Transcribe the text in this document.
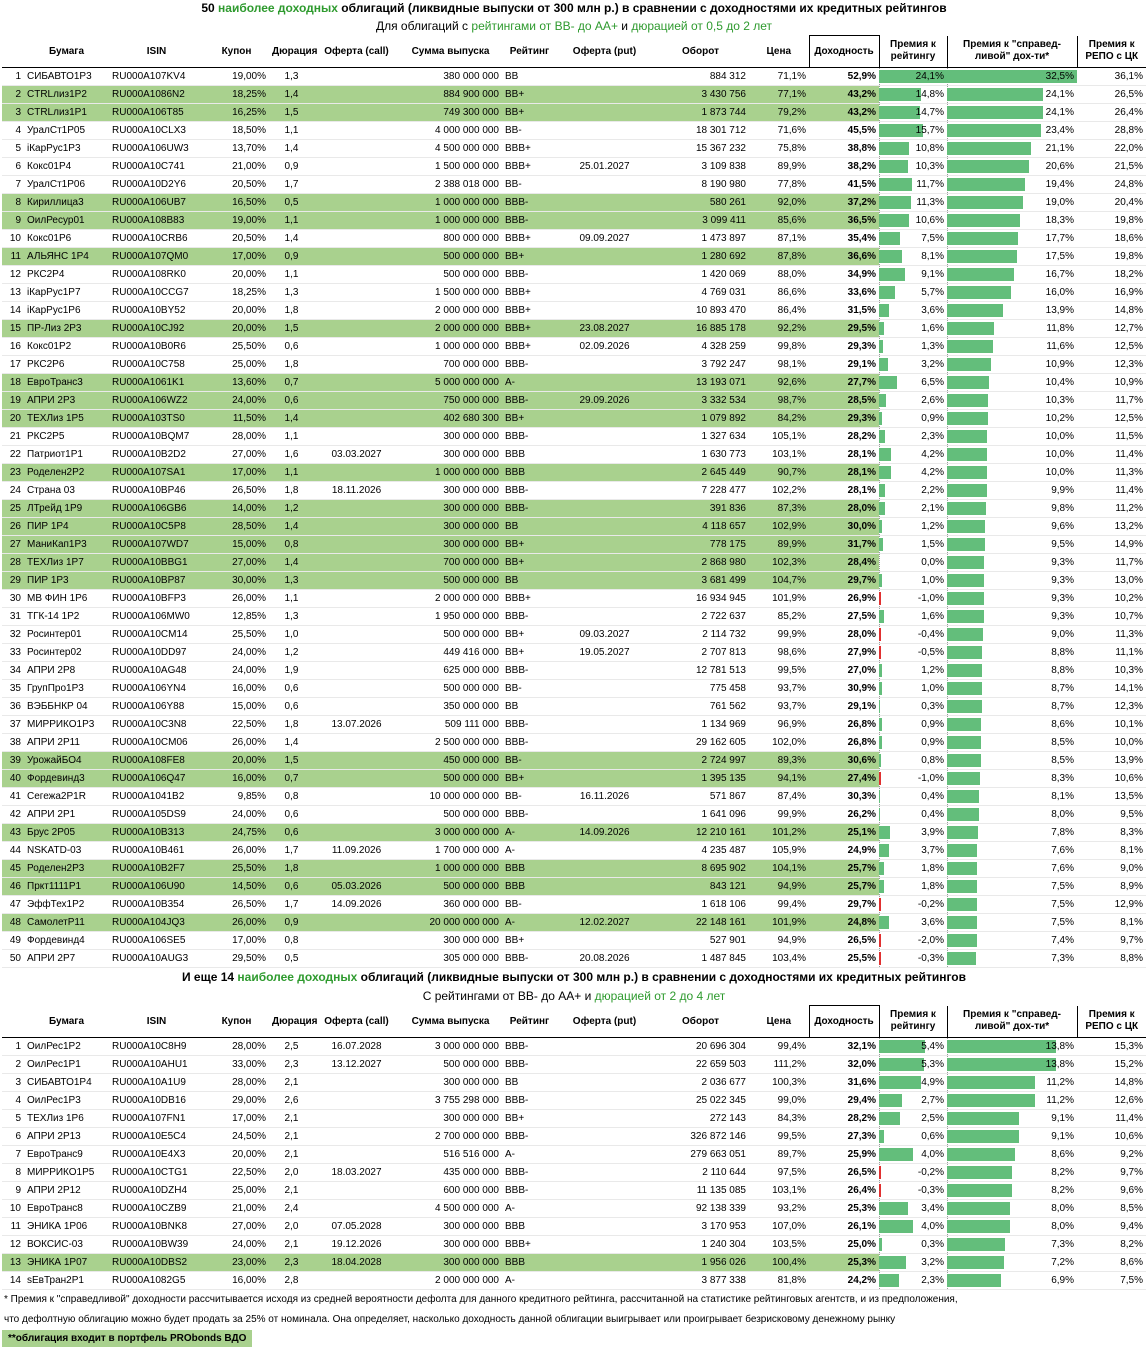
50 наиболее доходных облигаций (ликвидные выпуски от 300 млн р.) в сравнении с доходностями их кредитных рейтингов
Для облигаций с рейтингами от ВВ- до АА+ и дюрацией от 0,5 до 2 лет
	Бумага	ISIN	Купон	Дюрация	Оферта (call)	Сумма выпуска	Рейтинг	Оферта (put)	Оборот	Цена	Доходность	Премия к рейтингу	Премия к "справед-ливой" дох-ти*	Премия к РЕПО с ЦК
1	СИБАВТО1Р3	RU000A107KV4	19,00%	1,3		380 000 000	BB		884 312	71,1%	52,9%	24,1%	32,5%	36,1%
2	CTRLлиз1P2	RU000A1086N2	18,25%	1,4		884 900 000	BB+		3 430 756	77,1%	43,2%	14,8%	24,1%	26,5%
3	CTRLлиз1P1	RU000A106T85	16,25%	1,5		749 300 000	BB+		1 873 744	79,2%	43,2%	14,7%	24,1%	26,4%
4	УралСт1P05	RU000A10CLX3	18,50%	1,1		4 000 000 000	BB-		18 301 712	71,6%	45,5%	15,7%	23,4%	28,8%
5	iКарРус1Р3	RU000A106UW3	13,70%	1,4		4 500 000 000	BBB+		15 367 232	75,8%	38,8%	10,8%	21,1%	22,0%
6	Кокс01Р4	RU000A10C741	21,00%	0,9		1 500 000 000	BBB+	25.01.2027	3 109 838	89,9%	38,2%	10,3%	20,6%	21,5%
7	УралСт1Р06	RU000A10D2Y6	20,50%	1,7		2 388 018 000	BB-		8 190 980	77,8%	41,5%	11,7%	19,4%	24,8%
8	Кириллица3	RU000A106UB7	16,50%	0,5		1 000 000 000	BBB-		580 261	92,0%	37,2%	11,3%	19,0%	20,4%
9	ОилРесур01	RU000A108B83	19,00%	1,1		1 000 000 000	BBB-		3 099 411	85,6%	36,5%	10,6%	18,3%	19,8%
10	Кокс01Р6	RU000A10CRB6	20,50%	1,4		800 000 000	BBB+	09.09.2027	1 473 897	87,1%	35,4%	7,5%	17,7%	18,6%
11	АЛЬЯНС 1Р4	RU000A107QM0	17,00%	0,9		500 000 000	BB+		1 280 692	87,8%	36,6%	8,1%	17,5%	19,8%
12	РКС2Р4	RU000A108RK0	20,00%	1,1		500 000 000	BBB-		1 420 069	88,0%	34,9%	9,1%	16,7%	18,2%
13	iКарРус1Р7	RU000A10CCG7	18,25%	1,3		1 500 000 000	BBB+		4 769 031	86,6%	33,6%	5,7%	16,0%	16,9%
14	iКарРус1Р6	RU000A10BY52	20,00%	1,8		2 000 000 000	BBB+		10 893 470	86,4%	31,5%	3,6%	13,9%	14,8%
15	ПР-Лиз 2Р3	RU000A10CJ92	20,00%	1,5		2 000 000 000	BBB+	23.08.2027	16 885 178	92,2%	29,5%	1,6%	11,8%	12,7%
16	Кокс01Р2	RU000A10B0R6	25,50%	0,6		1 000 000 000	BBB+	02.09.2026	4 328 259	99,8%	29,3%	1,3%	11,6%	12,5%
17	РКС2Р6	RU000A10C758	25,00%	1,8		700 000 000	BBB-		3 792 247	98,1%	29,1%	3,2%	10,9%	12,3%
18	ЕвроТранс3	RU000A1061K1	13,60%	0,7		5 000 000 000	A-		13 193 071	92,6%	27,7%	6,5%	10,4%	10,9%
19	АПРИ 2Р3	RU000A106WZ2	24,00%	0,6		750 000 000	BBB-	29.09.2026	3 332 534	98,7%	28,5%	2,6%	10,3%	11,7%
20	ТЕХЛиз 1Р5	RU000A103TS0	11,50%	1,4		402 680 300	BB+		1 079 892	84,2%	29,3%	0,9%	10,2%	12,5%
21	РКС2Р5	RU000A10BQM7	28,00%	1,1		300 000 000	BBB-		1 327 634	105,1%	28,2%	2,3%	10,0%	11,5%
22	Патриот1Р1	RU000A10B2D2	27,00%	1,6	03.03.2027	300 000 000	BBB		1 630 773	103,1%	28,1%	4,2%	10,0%	11,4%
23	Роделен2Р2	RU000A107SA1	17,00%	1,1		1 000 000 000	BBB		2 645 449	90,7%	28,1%	4,2%	10,0%	11,3%
24	Страна 03	RU000A10BP46	26,50%	1,8	18.11.2026	300 000 000	BBB-		7 228 477	102,2%	28,1%	2,2%	9,9%	11,4%
25	ЛТрейд 1Р9	RU000A106GB6	14,00%	1,2		300 000 000	BBB-		391 836	87,3%	28,0%	2,1%	9,8%	11,2%
26	ПИР 1Р4	RU000A10C5P8	28,50%	1,4		300 000 000	BB		4 118 657	102,9%	30,0%	1,2%	9,6%	13,2%
27	МаниКап1Р3	RU000A107WD7	15,00%	0,8		300 000 000	BB+		778 175	89,9%	31,7%	1,5%	9,5%	14,9%
28	ТЕХЛиз 1Р7	RU000A10BBG1	27,00%	1,4		700 000 000	BB+		2 868 980	102,3%	28,4%	0,0%	9,3%	11,7%
29	ПИР 1Р3	RU000A10BP87	30,00%	1,3		500 000 000	BB		3 681 499	104,7%	29,7%	1,0%	9,3%	13,0%
30	МВ ФИН 1Р6	RU000A10BFP3	26,00%	1,1		2 000 000 000	BBB+		16 934 945	101,9%	26,9%	-1,0%	9,3%	10,2%
31	ТГК-14 1Р2	RU000A106MW0	12,85%	1,3		1 950 000 000	BBB-		2 722 637	85,2%	27,5%	1,6%	9,3%	10,7%
32	Росинтер01	RU000A10CM14	25,50%	1,0		500 000 000	BB+	09.03.2027	2 114 732	99,9%	28,0%	-0,4%	9,0%	11,3%
33	Росинтер02	RU000A10DD97	24,00%	1,2		449 416 000	BB+	19.05.2027	2 707 813	98,6%	27,9%	-0,5%	8,8%	11,1%
34	АПРИ 2Р8	RU000A10AG48	24,00%	1,9		625 000 000	BBB-		12 781 513	99,5%	27,0%	1,2%	8,8%	10,3%
35	ГрупПро1Р3	RU000A106YN4	16,00%	0,6		500 000 000	BB-		775 458	93,7%	30,9%	1,0%	8,7%	14,1%
36	ВЭББНКР 04	RU000A106Y88	15,00%	0,6		350 000 000	BB		761 562	93,7%	29,1%	0,3%	8,7%	12,3%
37	МИРРИКО1Р3	RU000A10C3N8	22,50%	1,8	13.07.2026	509 111 000	BBB-		1 134 969	96,9%	26,8%	0,9%	8,6%	10,1%
38	АПРИ 2Р11	RU000A10CM06	26,00%	1,4		2 500 000 000	BBB-		29 162 605	102,0%	26,8%	0,9%	8,5%	10,0%
39	УрожайБО4	RU000A108FE8	20,00%	1,5		450 000 000	BB-		2 724 997	89,3%	30,6%	0,8%	8,5%	13,9%
40	Фордевинд3	RU000A106Q47	16,00%	0,7		500 000 000	BB+		1 395 135	94,1%	27,4%	-1,0%	8,3%	10,6%
41	Сегежа2Р1R	RU000A1041B2	9,85%	0,8		10 000 000 000	BB-	16.11.2026	571 867	87,4%	30,3%	0,4%	8,1%	13,5%
42	АПРИ 2Р1	RU000A105DS9	24,00%	0,6		500 000 000	BBB-		1 641 096	99,9%	26,2%	0,4%	8,0%	9,5%
43	Брус 2Р05	RU000A10B313	24,75%	0,6		3 000 000 000	A-	14.09.2026	12 210 161	101,2%	25,1%	3,9%	7,8%	8,3%
44	NSKATD-03	RU000A10B461	26,00%	1,7	11.09.2026	1 700 000 000	A-		4 235 487	105,9%	24,9%	3,7%	7,6%	8,1%
45	Роделен2Р3	RU000A10B2F7	25,50%	1,8		1 000 000 000	BBB		8 695 902	104,1%	25,7%	1,8%	7,6%	9,0%
46	Пркт1111Р1	RU000A106U90	14,50%	0,6	05.03.2026	500 000 000	BBB		843 121	94,9%	25,7%	1,8%	7,5%	8,9%
47	ЭффТех1Р2	RU000A10B354	26,50%	1,7	14.09.2026	360 000 000	BB-		1 618 106	99,4%	29,7%	-0,2%	7,5%	12,9%
48	СамолетР11	RU000A104JQ3	26,00%	0,9		20 000 000 000	A-	12.02.2027	22 148 161	101,9%	24,8%	3,6%	7,5%	8,1%
49	Фордевинд4	RU000A106SE5	17,00%	0,8		300 000 000	BB+		527 901	94,9%	26,5%	-2,0%	7,4%	9,7%
50	АПРИ 2Р7	RU000A10AUG3	29,50%	0,5		305 000 000	BBB-	20.08.2026	1 487 845	103,4%	25,5%	-0,3%	7,3%	8,8%
И еще 14 наиболее доходных облигаций (ликвидные выпуски от 300 млн р.) в сравнении с доходностями их кредитных рейтингов
С рейтингами от ВВ- до АА+ и дюрацией от 2 до 4 лет
	Бумага	ISIN	Купон	Дюрация	Оферта (call)	Сумма выпуска	Рейтинг	Оферта (put)	Оборот	Цена	Доходность	Премия к рейтингу	Премия к "справед-ливой" дох-ти*	Премия к РЕПО с ЦК
1	ОилРес1Р2	RU000A10C8H9	28,00%	2,5	16.07.2028	3 000 000 000	BBB-		20 696 304	99,4%	32,1%	5,4%	13,8%	15,3%
2	ОилРес1Р1	RU000A10AHU1	33,00%	2,3	13.12.2027	500 000 000	BBB-		22 659 503	111,2%	32,0%	5,3%	13,8%	15,2%
3	СИБАВТО1Р4	RU000A10A1U9	28,00%	2,1		300 000 000	BB		2 036 677	100,3%	31,6%	4,9%	11,2%	14,8%
4	ОилРес1Р3	RU000A10DB16	29,00%	2,6		3 755 298 000	BBB-		25 022 345	99,0%	29,4%	2,7%	11,2%	12,6%
5	ТЕХЛиз 1Р6	RU000A107FN1	17,00%	2,1		300 000 000	BB+		272 143	84,3%	28,2%	2,5%	9,1%	11,4%
6	АПРИ 2Р13	RU000A10E5C4	24,50%	2,1		2 700 000 000	BBB-		326 872 146	99,5%	27,3%	0,6%	9,1%	10,6%
7	ЕвроТранс9	RU000A10E4X3	20,00%	2,1		516 516 000	A-		279 663 051	89,7%	25,9%	4,0%	8,6%	9,2%
8	МИРРИКО1Р5	RU000A10CTG1	22,50%	2,0	18.03.2027	435 000 000	BBB-		2 110 644	97,5%	26,5%	-0,2%	8,2%	9,7%
9	АПРИ 2Р12	RU000A10DZH4	25,00%	2,1		600 000 000	BBB-		11 135 085	103,1%	26,4%	-0,3%	8,2%	9,6%
10	ЕвроТранс8	RU000A10CZB9	21,00%	2,4		4 500 000 000	A-		92 138 339	93,2%	25,3%	3,4%	8,0%	8,5%
11	ЭНИКА 1Р06	RU000A10BNK8	27,00%	2,0	07.05.2028	300 000 000	BBB		3 170 953	107,0%	26,1%	4,0%	8,0%	9,4%
12	ВОКСИС-03	RU000A10BW39	24,00%	2,1	19.12.2026	300 000 000	BBB+		1 240 304	103,5%	25,0%	0,3%	7,3%	8,2%
13	ЭНИКА 1Р07	RU000A10DBS2	23,00%	2,3	18.04.2028	300 000 000	BBB		1 956 026	100,4%	25,3%	3,2%	7,2%	8,6%
14	sЕвТран2Р1	RU000A1082G5	16,00%	2,8		2 000 000 000	A-		3 877 338	81,8%	24,2%	2,3%	6,9%	7,5%
* Премия к "справедливой" доходности рассчитывается исходя из средней вероятности дефолта для данного кредитного рейтинга, рассчитанной на статистике рейтинговых агентств, и из предположения,
что дефолтную облигацию можно будет продать за 25% от номинала. Она определяет, насколько доходность данной облигации выигрывает или проигрывает безрисковому денежному рынку
**облигация входит в портфель PRObonds ВДО
